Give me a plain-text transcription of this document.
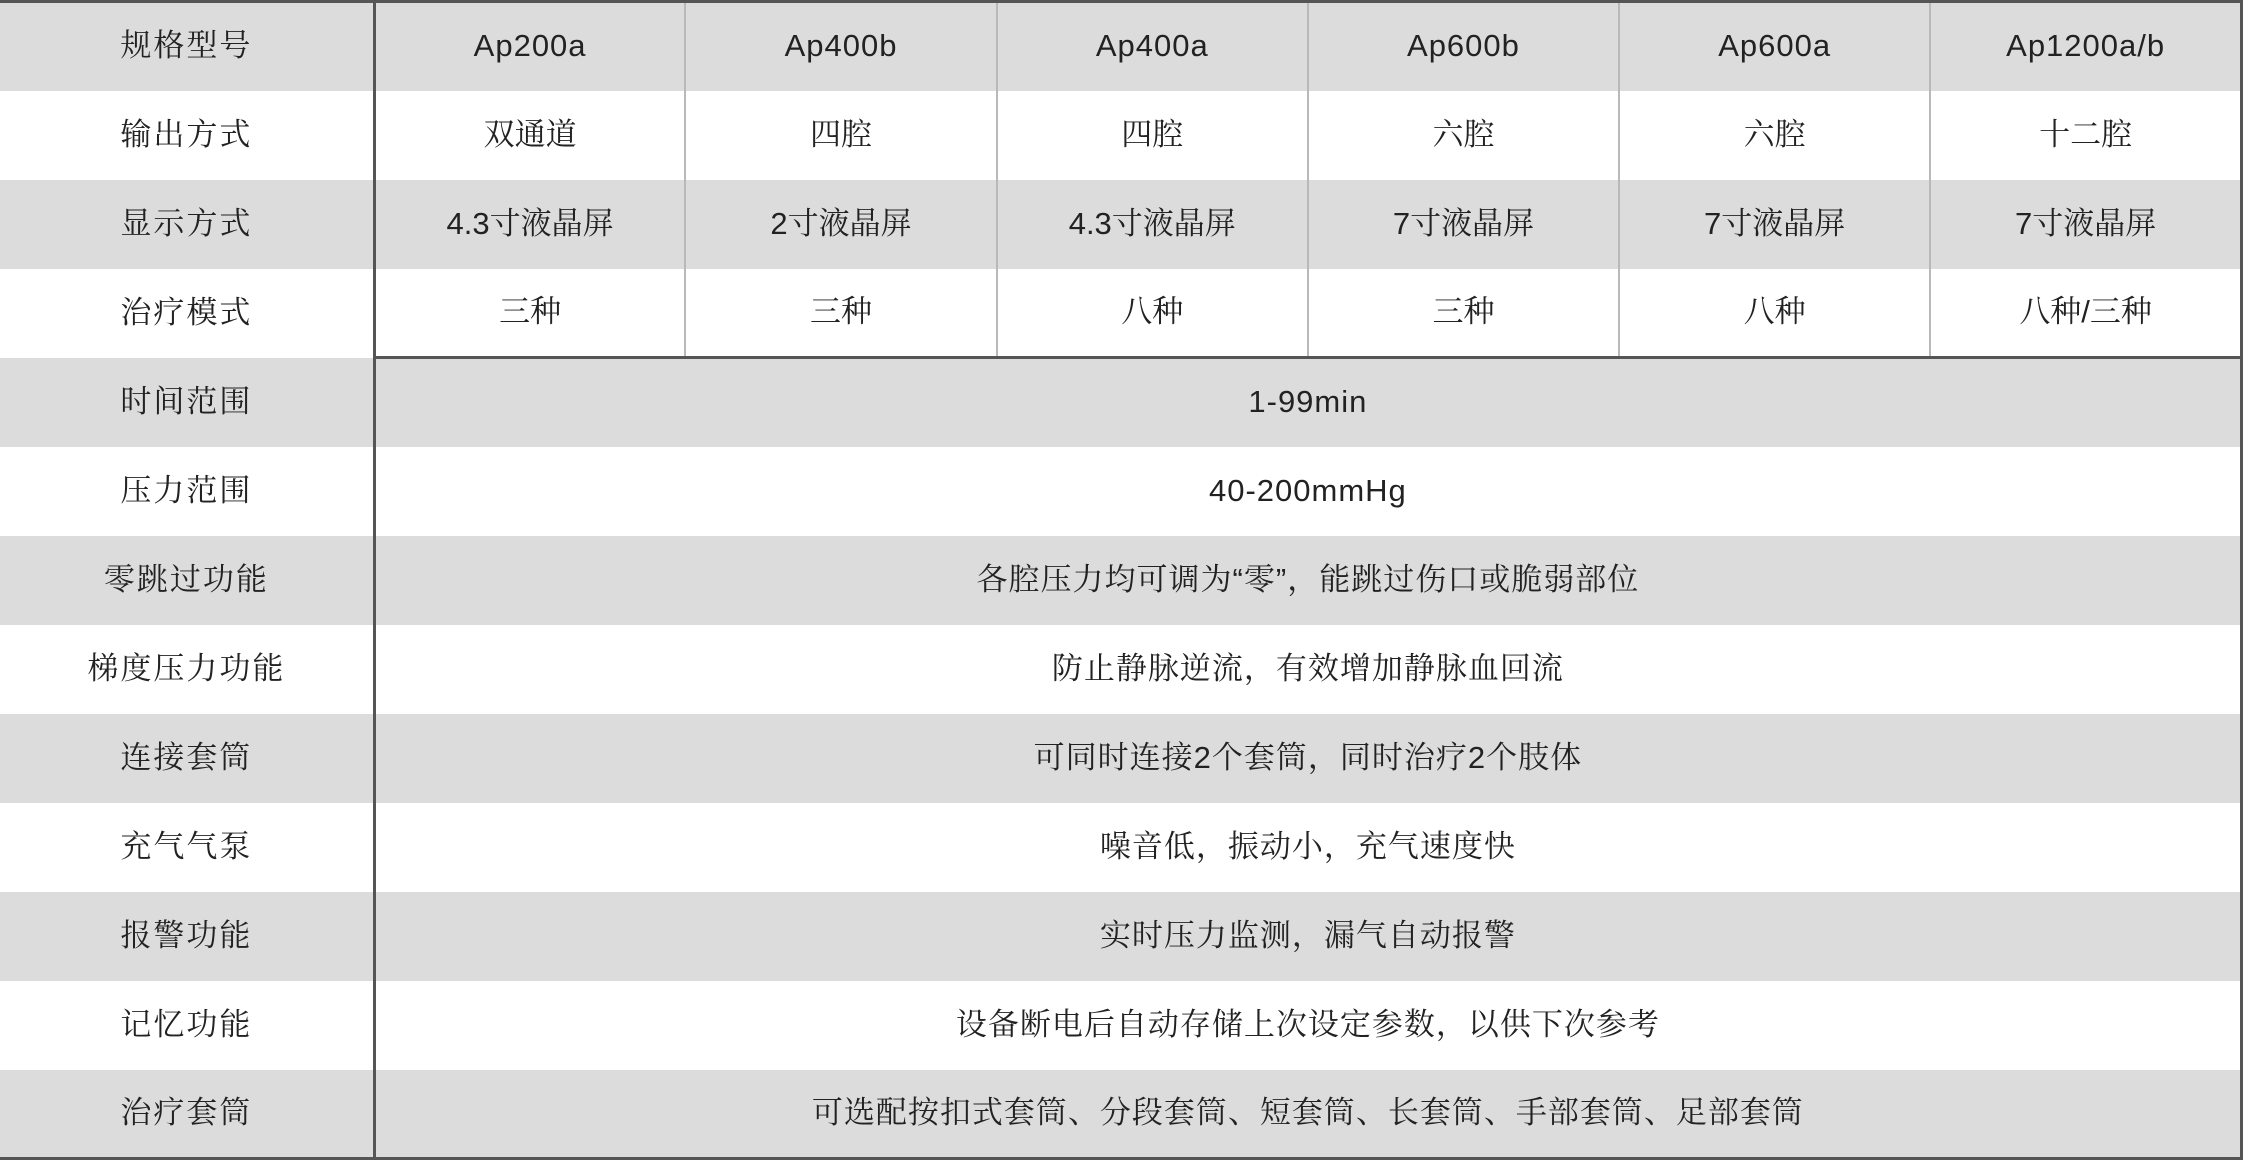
规格型号	Ap200a	Ap400b	Ap400a	Ap600b	Ap600a	Ap1200a/b
输出方式	双通道	四腔	四腔	六腔	六腔	十二腔
显示方式	4.3寸液晶屏	2寸液晶屏	4.3寸液晶屏	7寸液晶屏	7寸液晶屏	7寸液晶屏
治疗模式	三种	三种	八种	三种	八种	八种/三种
时间范围	1-99min					
压力范围	40-200mmHg					
零跳过功能	各腔压力均可调为“零”，能跳过伤口或脆弱部位					
梯度压力功能	防止静脉逆流，有效增加静脉血回流					
连接套筒	可同时连接2个套筒，同时治疗2个肢体					
充气气泵	噪音低，振动小，充气速度快					
报警功能	实时压力监测，漏气自动报警					
记忆功能	设备断电后自动存储上次设定参数，以供下次参考					
治疗套筒	可选配按扣式套筒、分段套筒、短套筒、长套筒、手部套筒、足部套筒					
